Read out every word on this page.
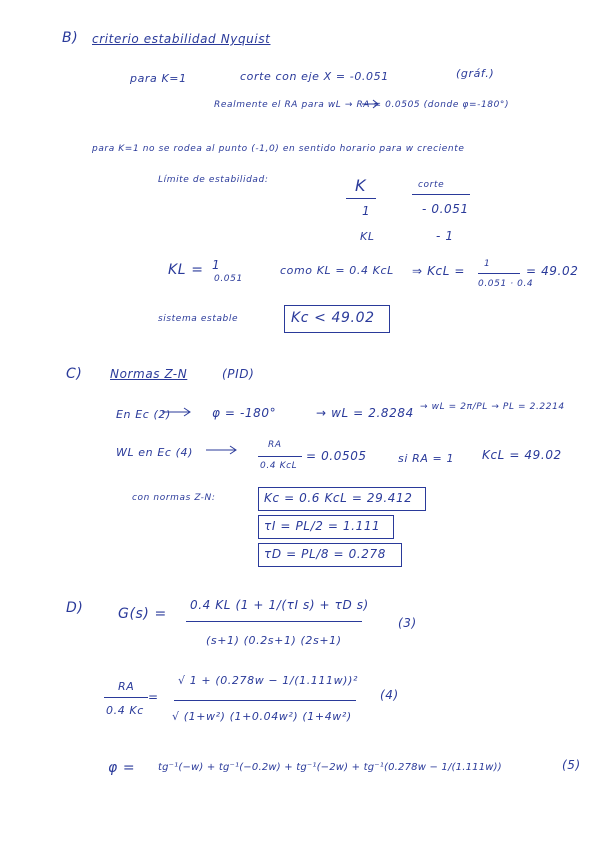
B) criterio estabilidad Nyquist
para K=1	corte con eje X = -0.051	(gráf.)
Realmente el RA para wL → RA = 0.0505 (donde φ=-180°)
para K=1 no se rodea al punto (-1,0) en sentido horario para w creciente
Límite de estabilidad:	K	corte
1	- 0.051
KL	- 1
KL = 1
0.051
como KL = 0.4 KcL ⇒ KcL = 1
0.051 · 0.4
= 49.02
sistema estable	Kc < 49.02
C) Normas Z-N	(PID)
En Ec (2)	φ = -180°	→ wL = 2.8284 → wL = 2π/PL → PL = 2.2214
WL en Ec (4)
RA
0.4 KcL
= 0.0505	si RA = 1 KcL = 49.02
con normas Z-N:	Kc = 0.6 KcL = 29.412
τI = PL/2 = 1.111
τD = PL/8 = 0.278
D) G(s) =
0.4 KL (1 + 1/(τI s) + τD s)
(s+1) (0.2s+1) (2s+1)
(3)
RA
0.4 Kc
=
√ 1 + (0.278w − 1/(1.111w))²
√ (1+w²) (1+0.04w²) (1+4w²)
(4)
φ = tg⁻¹(−w) + tg⁻¹(−0.2w) + tg⁻¹(−2w) + tg⁻¹(0.278w − 1/(1.111w))	(5)
